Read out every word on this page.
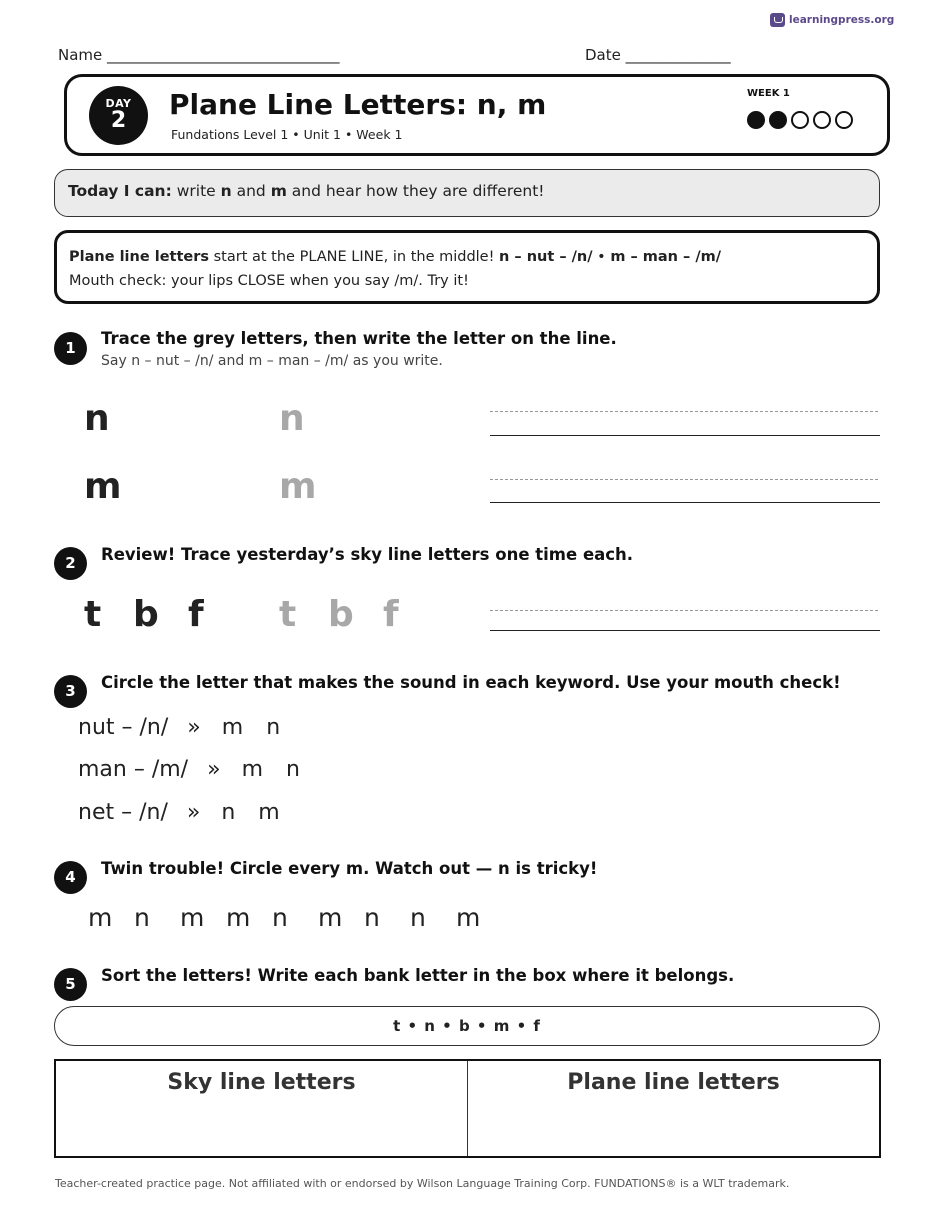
learningpress.org
Name _______________________________	Date ______________
DAY
2	Plane Line Letters: n, m
Fundations Level 1 • Unit 1 • Week 1
WEEK 1
Today I can: write n and m and hear how they are different!
Plane line letters start at the PLANE LINE, in the middle! n – nut – /n/ • m – man – /m/
Mouth check: your lips CLOSE when you say /m/. Try it!
1	Trace the grey letters, then write the letter on the line.
Say n – nut – /n/ and m – man – /m/ as you write.
n	n
m	m
2	Review! Trace yesterday’s sky line letters one time each.
t b f t b f
3	Circle the letter that makes the sound in each keyword. Use your mouth check!
nut – /n/ » m n
man – /m/ » m n
net – /n/ » n m
4	Twin trouble! Circle every m. Watch out — n is tricky!
m n m m n m n n m
5	Sort the letters! Write each bank letter in the box where it belongs.
t • n • b • m • f
Sky line letters	Plane line letters
Teacher-created practice page. Not affiliated with or endorsed by Wilson Language Training Corp. FUNDATIONS® is a WLT trademark.
